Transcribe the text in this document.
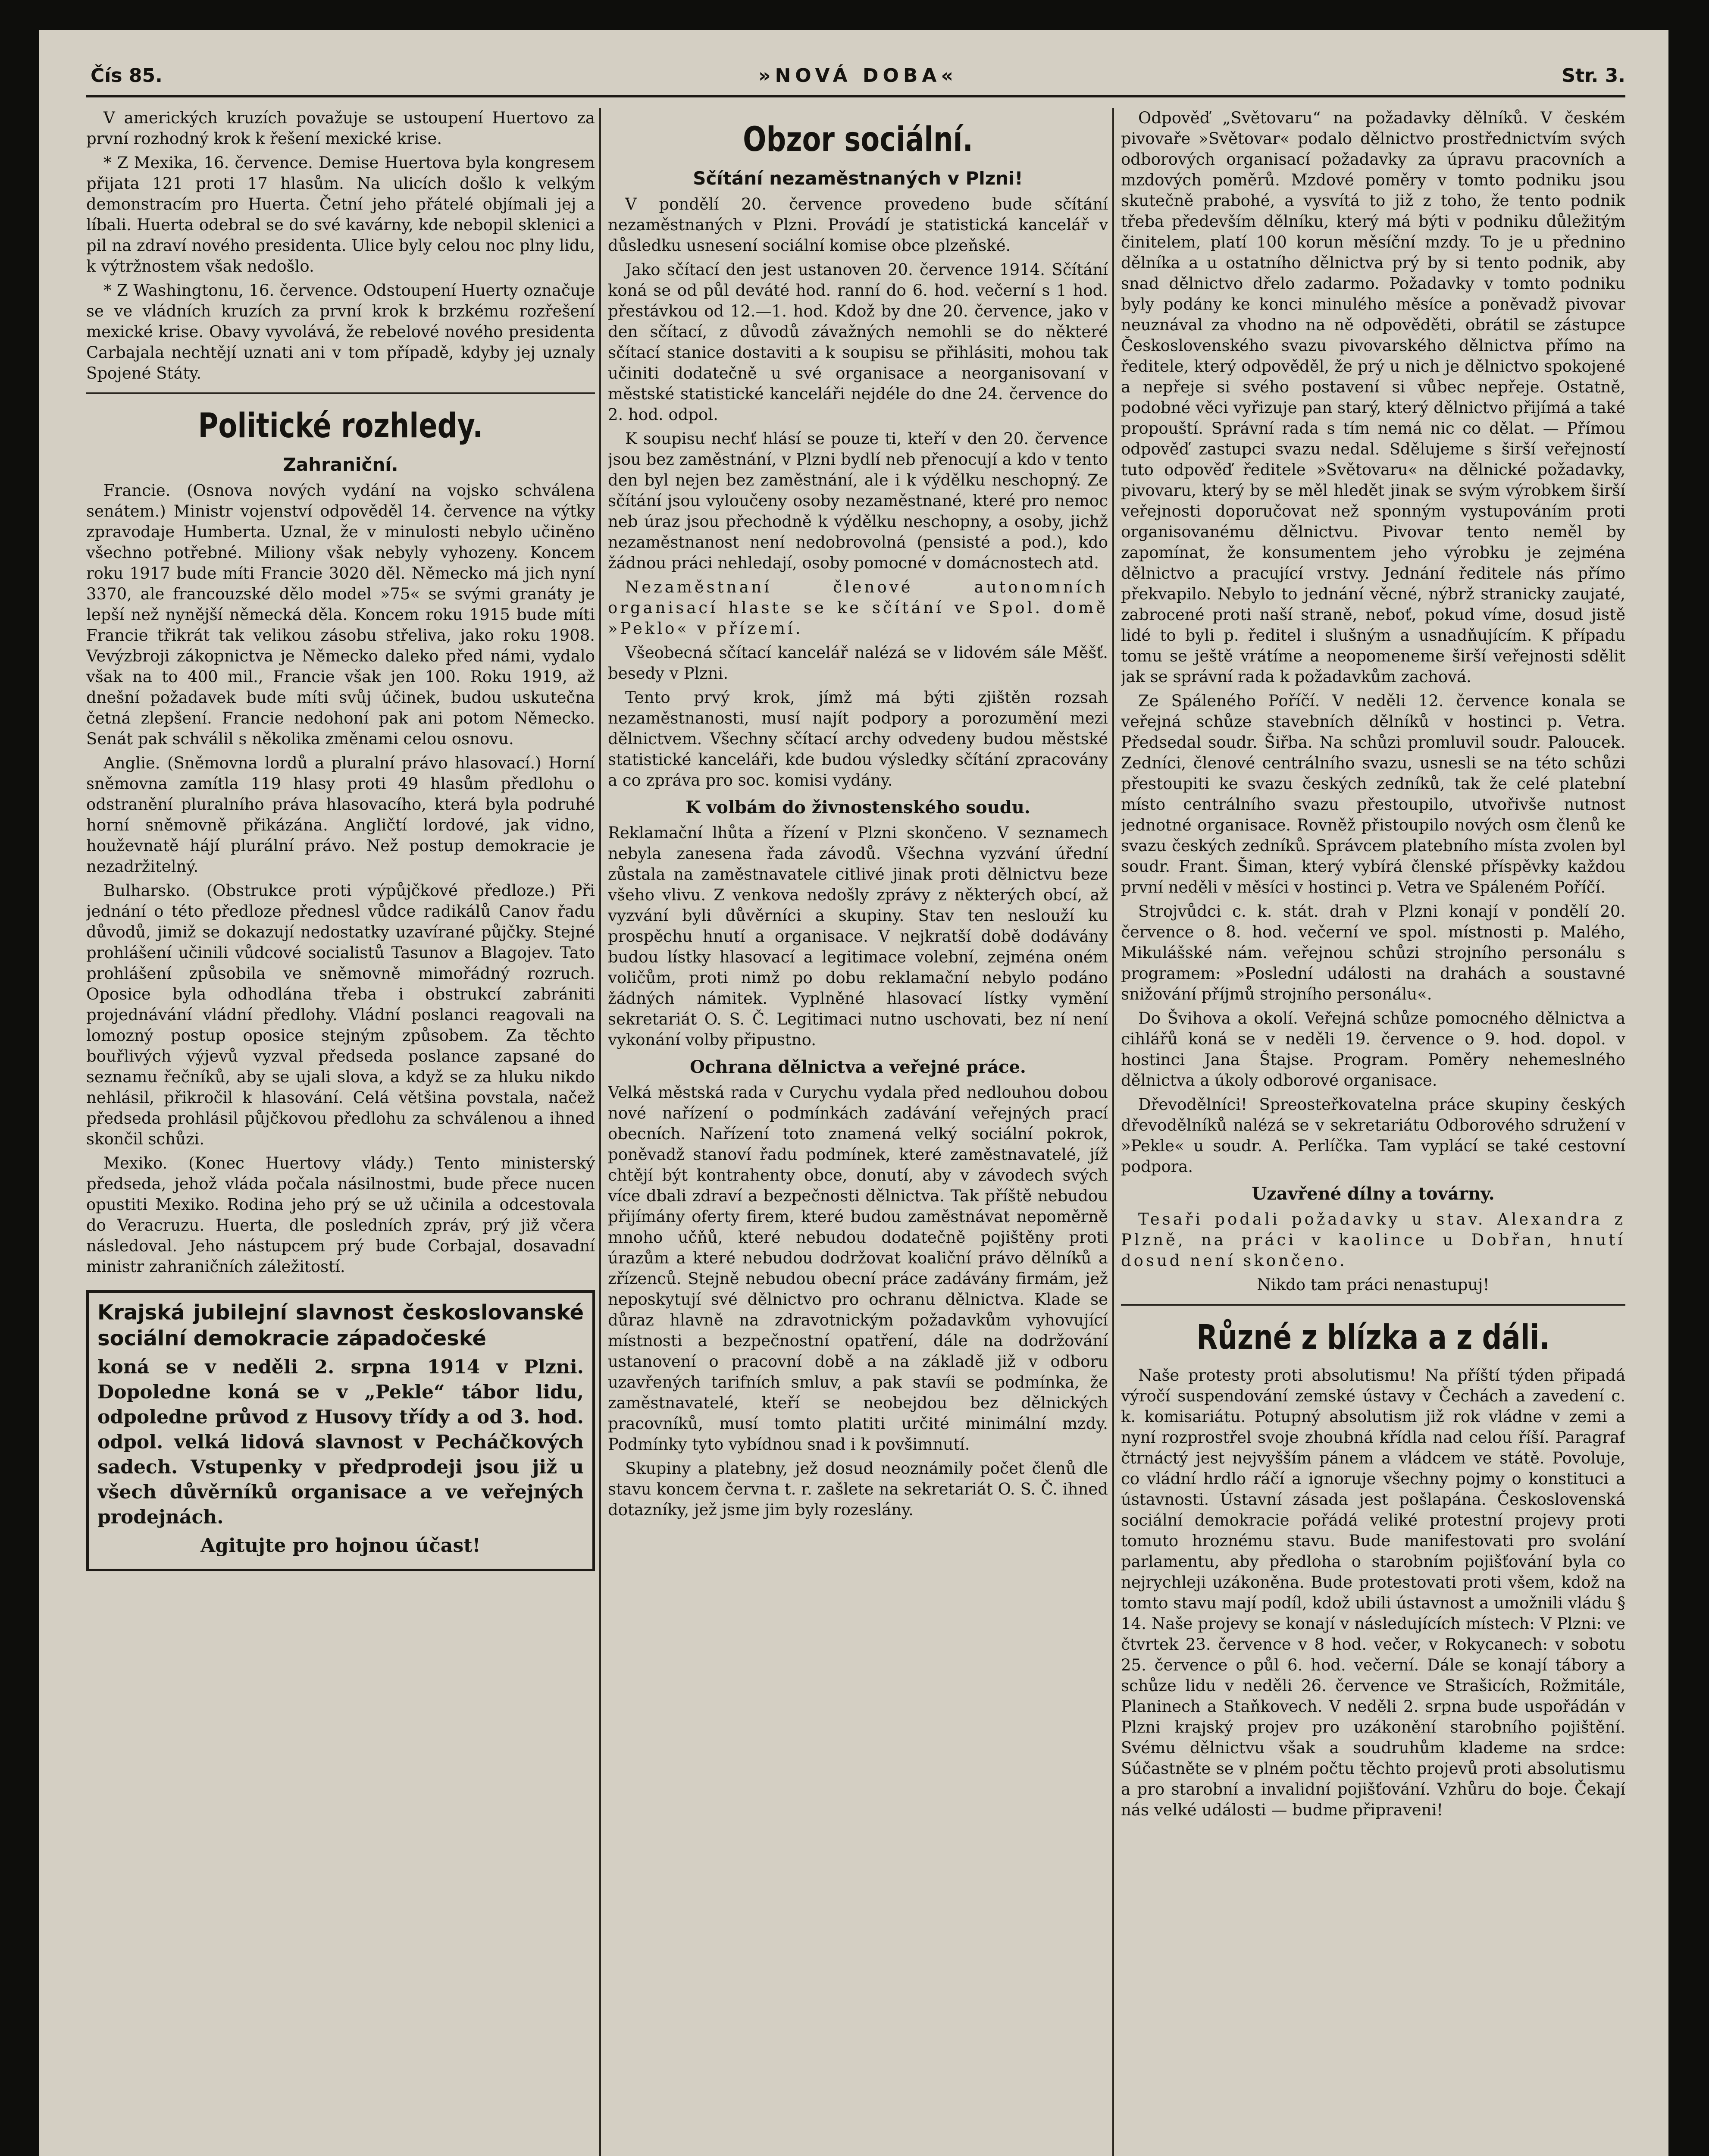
Čís 85.	»NOVÁ DOBA«	Str. 3.

V amerických kruzích považuje se ustoupení Huertovo za první rozhodný krok k řešení mexické krise.

* Z Mexika, 16. července. Demise Huertova byla kongresem přijata 121 proti 17 hlasům. Na ulicích došlo k velkým demonstracím pro Huerta. Četní jeho přátelé objímali jej a líbali. Huerta odebral se do své kavárny, kde nebopil sklenici a pil na zdraví nového presidenta. Ulice byly celou noc plny lidu, k výtržnostem však nedošlo.

* Z Washingtonu, 16. července. Odstoupení Huerty označuje se ve vládních kruzích za první krok k brzkému rozřešení mexické krise. Obavy vyvolává, že rebelové nového presidenta Carbajala nechtějí uznati ani v tom případě, kdyby jej uznaly Spojené Státy.

Politické rozhledy.
Zahraniční.

Francie. (Osnova nových vydání na vojsko schválena senátem.) Ministr vojenství odpověděl 14. července na výtky zpravodaje Humberta. Uznal, že v minulosti nebylo učiněno všechno potřebné. Miliony však nebyly vyhozeny. Koncem roku 1917 bude míti Francie 3020 děl. Německo má jich nyní 3370, ale francouzské dělo model »75« se svými granáty je lepší než nynější německá děla. Koncem roku 1915 bude míti Francie třikrát tak velikou zásobu střeliva, jako roku 1908. Vevýzbroji zákopnictva je Německo daleko před námi, vydalo však na to 400 mil., Francie však jen 100. Roku 1919, až dnešní požadavek bude míti svůj účinek, budou uskutečna četná zlepšení. Francie nedohoní pak ani potom Německo. Senát pak schválil s několika změnami celou osnovu.

Anglie. (Sněmovna lordů a pluralní právo hlasovací.) Horní sněmovna zamítla 119 hlasy proti 49 hlasům předlohu o odstranění pluralního práva hlasovacího, která byla podruhé horní sněmovně přikázána. Angličtí lordové, jak vidno, houževnatě hájí plurální právo. Než postup demokracie je nezadržitelný.

Bulharsko. (Obstrukce proti výpůjčkové předloze.) Při jednání o této předloze přednesl vůdce radikálů Canov řadu důvodů, jimiž se dokazují nedostatky uzavírané půjčky. Stejné prohlášení učinili vůdcové socialistů Tasunov a Blagojev. Tato prohlášení způsobila ve sněmovně mimořádný rozruch. Oposice byla odhodlána třeba i obstrukcí zabrániti projednávání vládní předlohy. Vládní poslanci reagovali na lomozný postup oposice stejným způsobem. Za těchto bouřlivých výjevů vyzval předseda poslance zapsané do seznamu řečníků, aby se ujali slova, a když se za hluku nikdo nehlásil, přikročil k hlasování. Celá většina povstala, načež předseda prohlásil půjčkovou předlohu za schválenou a ihned skončil schůzi.

Mexiko. (Konec Huertovy vlády.) Tento ministerský předseda, jehož vláda počala násilnostmi, bude přece nucen opustiti Mexiko. Rodina jeho prý se už učinila a odcestovala do Veracruzu. Huerta, dle posledních zpráv, prý již včera následoval. Jeho nástupcem prý bude Corbajal, dosavadní ministr zahraničních záležitostí.

Krajská jubilejní slavnost českoslovanské sociální demokracie západočeské

koná se v neděli 2. srpna 1914 v Plzni. Dopoledne koná se v „Pekle“ tábor lidu, odpoledne průvod z Husovy třídy a od 3. hod. odpol. velká lidová slavnost v Pecháčkových sadech. Vstupenky v předprodeji jsou již u všech důvěrníků organisace a ve veřejných prodejnách.

Agitujte pro hojnou účast!

Obzor sociální.
Sčítání nezaměstnaných v Plzni!

V pondělí 20. července provedeno bude sčítání nezaměstnaných v Plzni. Provádí je statistická kancelář v důsledku usnesení sociální komise obce plzeňské.

Jako sčítací den jest ustanoven 20. července 1914. Sčítání koná se od půl deváté hod. ranní do 6. hod. večerní s 1 hod. přestávkou od 12.—1. hod. Kdož by dne 20. července, jako v den sčítací, z důvodů závažných nemohli se do některé sčítací stanice dostaviti a k soupisu se přihlásiti, mohou tak učiniti dodatečně u své organisace a neorganisovaní v městské statistické kanceláři nejdéle do dne 24. července do 2. hod. odpol.

K soupisu nechť hlásí se pouze ti, kteří v den 20. července jsou bez zaměstnání, v Plzni bydlí neb přenocují a kdo v tento den byl nejen bez zaměstnání, ale i k výdělku neschopný. Ze sčítání jsou vyloučeny osoby nezaměstnané, které pro nemoc neb úraz jsou přechodně k výdělku neschopny, a osoby, jichž nezaměstnanost není nedobrovolná (pensisté a pod.), kdo žádnou práci nehledají, osoby pomocné v domácnostech atd.

Nezaměstnaní členové autonomních organisací hlaste se ke sčítání ve Spol. domě »Peklo« v přízemí.

Všeobecná sčítací kancelář nalézá se v lidovém sále Měšť. besedy v Plzni.

Tento prvý krok, jímž má býti zjištěn rozsah nezaměstnanosti, musí najít podpory a porozumění mezi dělnictvem. Všechny sčítací archy odvedeny budou městské statistické kanceláři, kde budou výsledky sčítání zpracovány a co zpráva pro soc. komisi vydány.

K volbám do živnostenského soudu.

Reklamační lhůta a řízení v Plzni skončeno. V seznamech nebyla zanesena řada závodů. Všechna vyzvání úřední zůstala na zaměstnavatele citlivé jinak proti dělnictvu beze všeho vlivu. Z venkova nedošly zprávy z některých obcí, až vyzvání byli důvěrníci a skupiny. Stav ten neslouží ku prospěchu hnutí a organisace. V nejkratší době dodávány budou lístky hlasovací a legitimace volební, zejména oném voličům, proti nimž po dobu reklamační nebylo podáno žádných námitek. Vyplněné hlasovací lístky vymění sekretariát O. S. Č. Legitimaci nutno uschovati, bez ní není vykonání volby připustno.

Ochrana dělnictva a veřejné práce.

Velká městská rada v Curychu vydala před nedlouhou dobou nové nařízení o podmínkách zadávání veřejných prací obecních. Nařízení toto znamená velký sociální pokrok, poněvadž stanoví řadu podmínek, které zaměstnavatelé, jíž chtějí být kontrahenty obce, donutí, aby v závodech svých více dbali zdraví a bezpečnosti dělnictva. Tak příště nebudou přijímány oferty firem, které budou zaměstnávat nepoměrně mnoho učňů, které nebudou dodatečně pojištěny proti úrazům a které nebudou dodržovat koaliční právo dělníků a zřízenců. Stejně nebudou obecní práce zadávány firmám, jež neposkytují své dělnictvo pro ochranu dělnictva. Klade se důraz hlavně na zdravotnickým požadavkům vyhovující místnosti a bezpečnostní opatření, dále na dodržování ustanovení o pracovní době a na základě již v odboru uzavřených tarifních smluv, a pak stavíi se podmínka, že zaměstnavatelé, kteří se neobejdou bez dělnických pracovníků, musí tomto platiti určité minimální mzdy. Podmínky tyto vybídnou snad i k povšimnutí.

Skupiny a platebny, jež dosud neoznámily počet členů dle stavu koncem června t. r. zašlete na sekretariát O. S. Č. ihned dotazníky, jež jsme jim byly rozeslány.

Odpověď „Světovaru“ na požadavky dělníků. V českém pivovaře »Světovar« podalo dělnictvo prostřednictvím svých odborových organisací požadavky za úpravu pracovních a mzdových poměrů. Mzdové poměry v tomto podniku jsou skutečně prabohé, a vysvítá to již z toho, že tento podnik třeba především dělníku, který má býti v podniku důležitým činitelem, platí 100 korun měsíční mzdy. To je u přednino dělníka a u ostatního dělnictva prý by si tento podnik, aby snad dělnictvo dřelo zadarmo. Požadavky v tomto podniku byly podány ke konci minulého měsíce a poněvadž pivovar neuznával za vhodno na ně odpověděti, obrátil se zástupce Československého svazu pivovarského dělnictva přímo na ředitele, který odpověděl, že prý u nich je dělnictvo spokojené a nepřeje si svého postavení si vůbec nepřeje. Ostatně, podobné věci vyřizuje pan starý, který dělnictvo přijímá a také propouští. Správní rada s tím nemá nic co dělat. — Přímou odpověď zastupci svazu nedal. Sdělujeme s širší veřejností tuto odpověď ředitele »Světovaru« na dělnické požadavky, pivovaru, který by se měl hledět jinak se svým výrobkem širší veřejnosti doporučovat než sponným vystupováním proti organisovanému dělnictvu. Pivovar tento neměl by zapomínat, že konsumentem jeho výrobku je zejména dělnictvo a pracující vrstvy. Jednání ředitele nás přímo překvapilo. Nebylo to jednání věcné, nýbrž stranicky zaujaté, zabrocené proti naší straně, neboť, pokud víme, dosud jistě lidé to byli p. ředitel i slušným a usnadňujícím. K případu tomu se ještě vrátíme a neopomeneme širší veřejnosti sdělit jak se správní rada k požadavkům zachová.

Ze Spáleného Poříčí. V neděli 12. července konala se veřejná schůze stavebních dělníků v hostinci p. Vetra. Předsedal soudr. Šiřba. Na schůzi promluvil soudr. Paloucek. Zedníci, členové centrálního svazu, usnesli se na této schůzi přestoupiti ke svazu českých zedníků, tak že celé platební místo centrálního svazu přestoupilo, utvořivše nutnost jednotné organisace. Rovněž přistoupilo nových osm členů ke svazu českých zedníků. Správcem platebního místa zvolen byl soudr. Frant. Šiman, který vybírá členské příspěvky každou první neděli v měsíci v hostinci p. Vetra ve Spáleném Poříčí.

Strojvůdci c. k. stát. drah v Plzni konají v pondělí 20. července o 8. hod. večerní ve spol. místnosti p. Malého, Mikulášské nám. veřejnou schůzi strojního personálu s programem: »Poslední události na drahách a soustavné snižování příjmů strojního personálu«.

Do Švihova a okolí. Veřejná schůze pomocného dělnictva a cihlářů koná se v neděli 19. července o 9. hod. dopol. v hostinci Jana Štajse. Program. Poměry nehemeslného dělnictva a úkoly odborové organisace.

Dřevodělníci! Spreosteřkovatelna práce skupiny českých dřevodělníků nalézá se v sekretariátu Odborového sdružení v »Pekle« u soudr. A. Perlíčka. Tam vyplácí se také cestovní podpora.

Uzavřené dílny a továrny.

Tesaři podali požadavky u stav. Alexandra z Plzně, na práci v kaolince u Dobřan, hnutí dosud není skončeno.

Nikdo tam práci nenastupuj!

Různé z blízka a z dáli.

Naše protesty proti absolutismu! Na příští týden připadá výročí suspendování zemské ústavy v Čechách a zavedení c. k. komisariátu. Potupný absolutism již rok vládne v zemi a nyní rozprostřel svoje zhoubná křídla nad celou říší. Paragraf čtrnáctý jest nejvyšším pánem a vládcem ve státě. Povoluje, co vládní hrdlo ráčí a ignoruje všechny pojmy o konstituci a ústavnosti. Ústavní zásada jest pošlapána. Československá sociální demokracie pořádá veliké protestní projevy proti tomuto hroznému stavu. Bude manifestovati pro svolání parlamentu, aby předloha o starobním pojišťování byla co nejrychleji uzákoněna. Bude protestovati proti všem, kdož na tomto stavu mají podíl, kdož ubili ústavnost a umožnili vládu § 14. Naše projevy se konají v následujících místech: V Plzni: ve čtvrtek 23. července v 8 hod. večer, v Rokycanech: v sobotu 25. července o půl 6. hod. večerní. Dále se konají tábory a schůze lidu v neděli 26. července ve Strašicích, Rožmitále, Planinech a Staňkovech. V neděli 2. srpna bude uspořádán v Plzni krajský projev pro uzákonění starobního pojištění. Svému dělnictvu však a soudruhům klademe na srdce: Súčastněte se v plném počtu těchto projevů proti absolutismu a pro starobní a invalidní pojišťování. Vzhůru do boje. Čekají nás velké události — budme připraveni!
